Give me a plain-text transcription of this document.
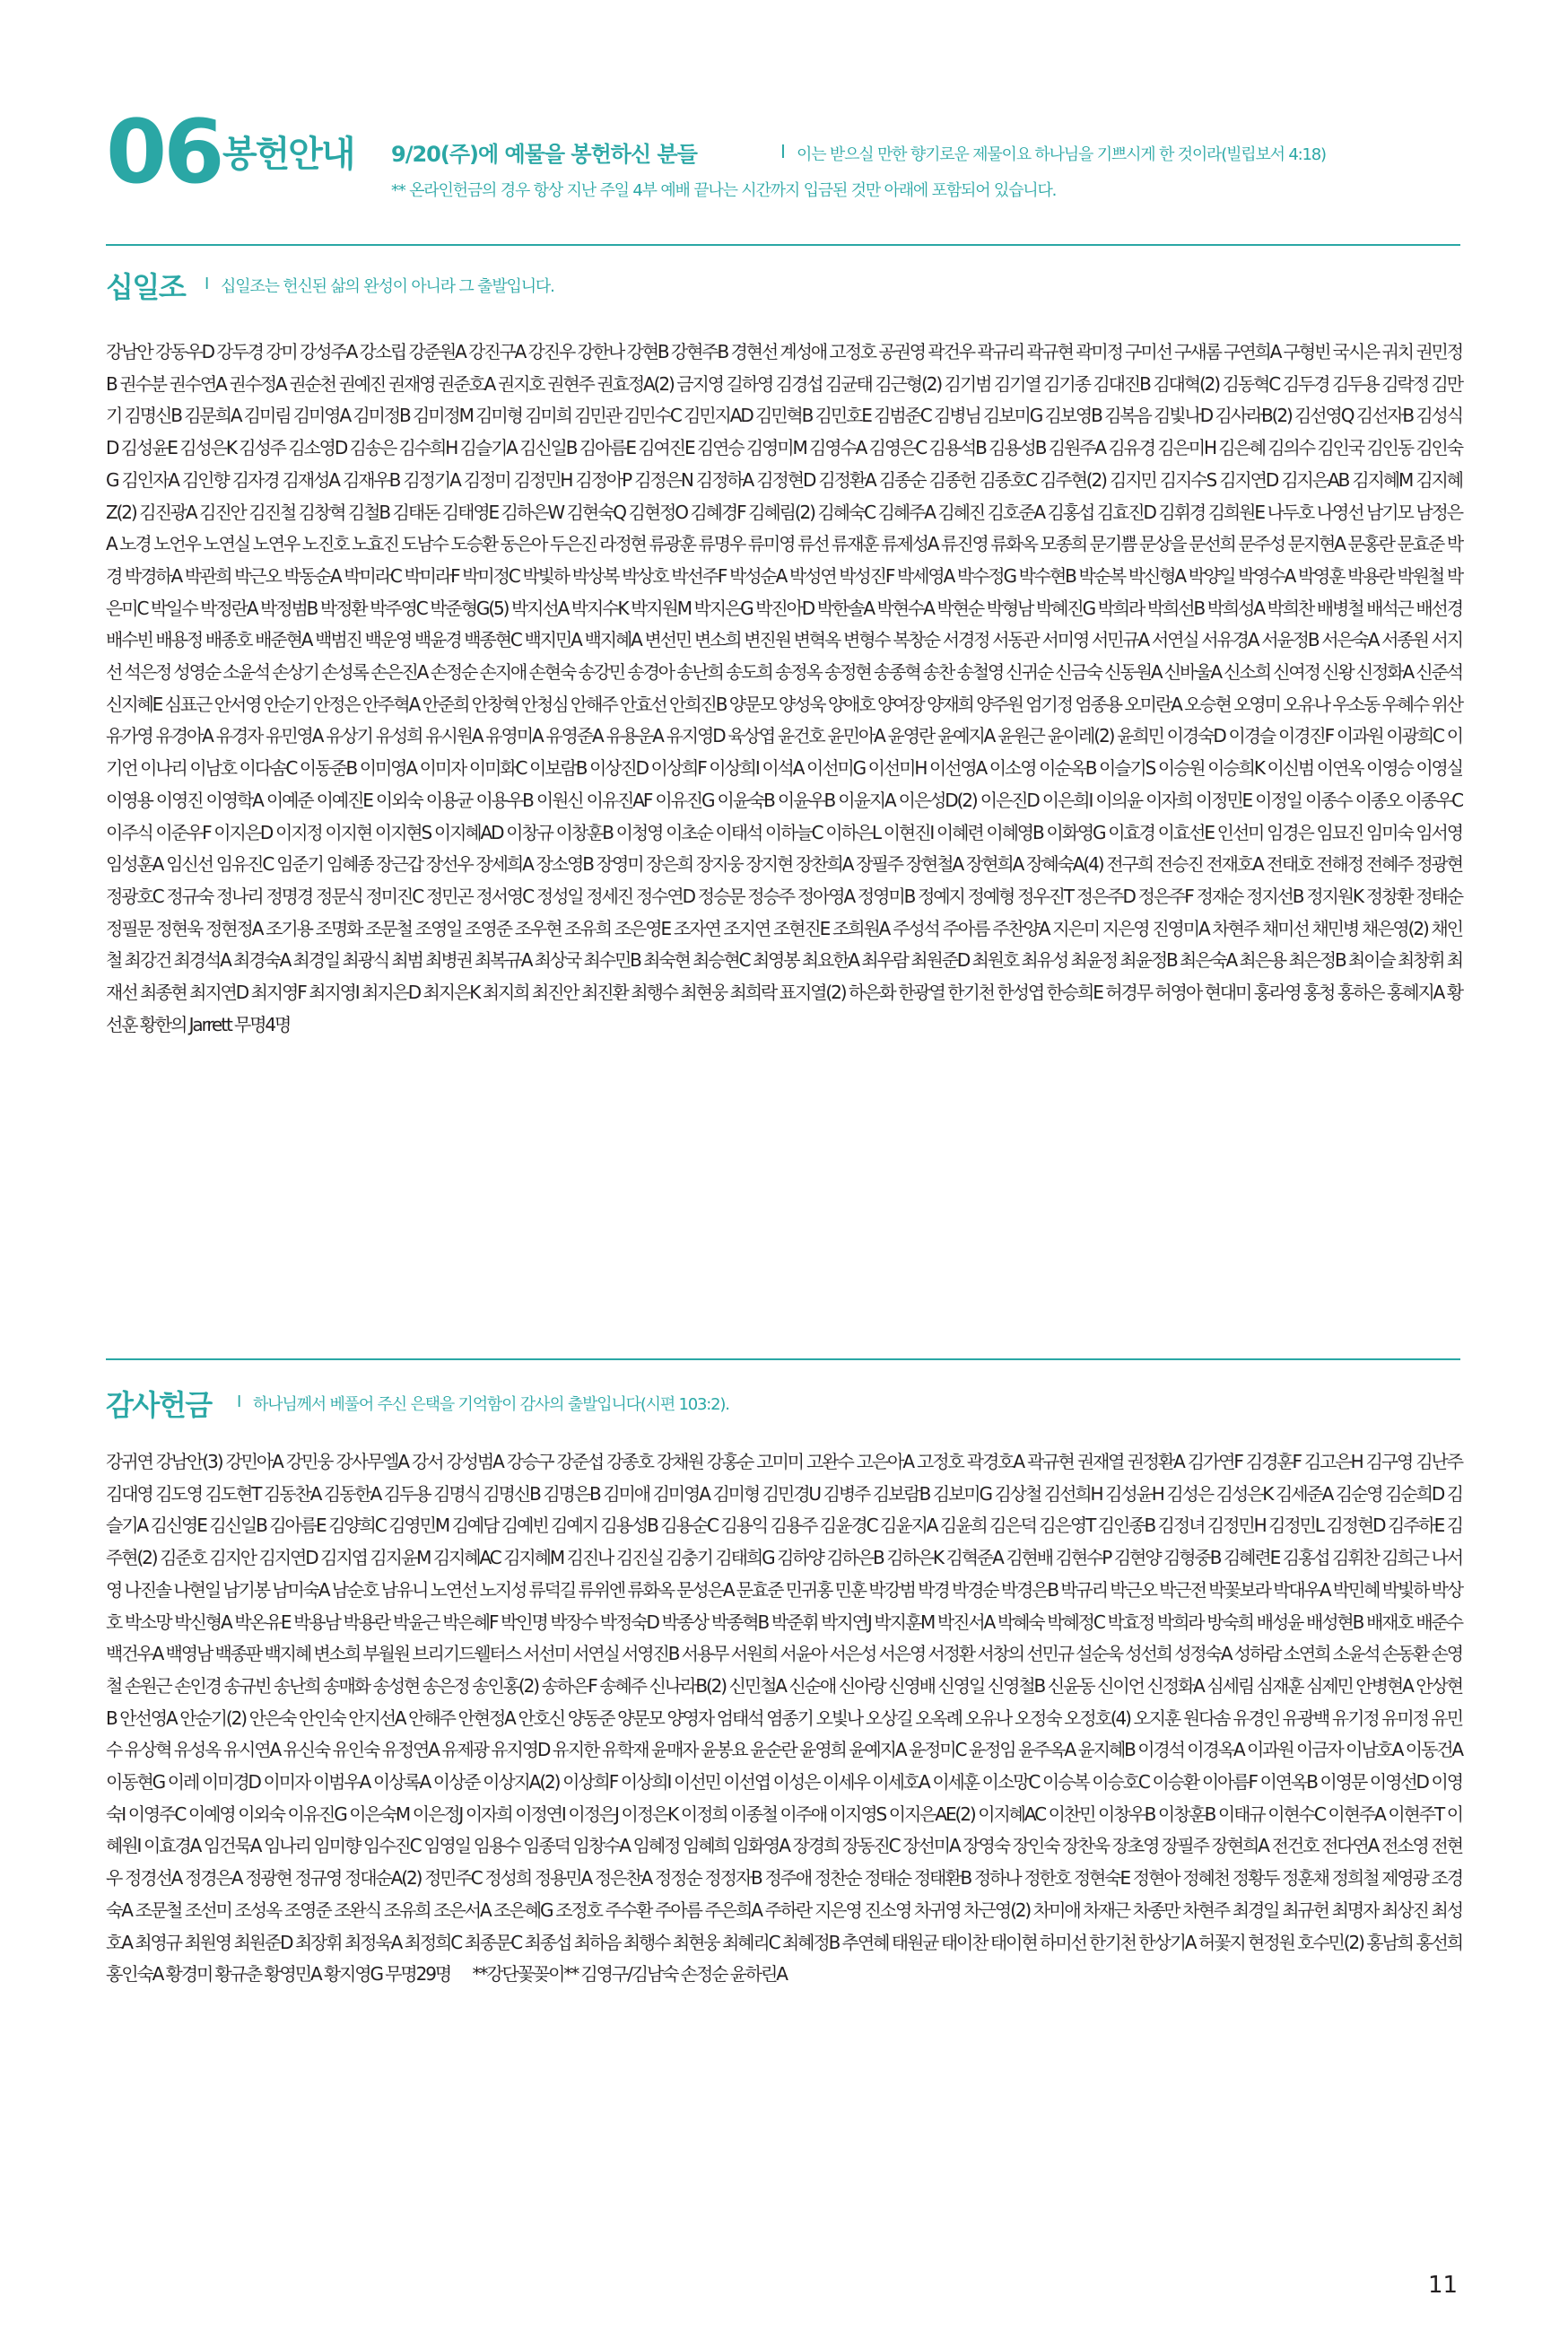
06 봉헌안내 9/20(주)에 예물을 봉헌하신 분들	I 이는 받으실 만한 향기로운 제물이요 하나님을 기쁘시게 한 것이라(빌립보서 4:18)
** 온라인헌금의 경우 항상 지난 주일 4부 예배 끝나는 시간까지 입금된 것만 아래에 포함되어 있습니다.
십일조 I 십일조는 헌신된 삶의 완성이 아니라 그 출발입니다.

강남안 강동우D 강두경 강미 강성주A 강소립 강준원A 강진구A 강진우 강한나 강현B 강현주B 경현선 계성애 고정호 공권영 곽건우 곽규리 곽규현 곽미정 구미선 구새롬 구연희A 구형빈 국시은 궈치 권민정B 권수분 권수연A 권수정A 권순천 권예진 권재영 권준호A 권지호 권현주 권효정A(2) 금지영 길하영 김경섭 김균태 김근형(2) 김기범 김기열 김기종 김대진B 김대혁(2) 김동혁C 김두경 김두용 김락정 김만기 김명신B 김문희A 김미림 김미영A 김미정B 김미정M 김미형 김미희 김민관 김민수C 김민지AD 김민혁B 김민호E 김범준C 김병님 김보미G 김보영B 김복음 김빛나D 김사라B(2) 김선영Q 김선자B 김성식D 김성윤E 김성은K 김성주 김소영D 김송은 김수희H 김슬기A 김신일B 김아름E 김여진E 김연승 김영미M 김영수A 김영은C 김용석B 김용성B 김원주A 김유경 김은미H 김은혜 김의수 김인국 김인동 김인숙G 김인자A 김인향 김자경 김재성A 김재우B 김정기A 김정미 김정민H 김정아P 김정은N 김정하A 김정현D 김정환A 김종순 김종헌 김종호C 김주현(2) 김지민 김지수S 김지연D 김지은AB 김지혜M 김지혜Z(2) 김진광A 김진안 김진철 김창혁 김철B 김태돈 김태영E 김하은W 김현숙Q 김현정O 김혜경F 김혜림(2) 김혜숙C 김혜주A 김혜진 김호준A 김홍섭 김효진D 김휘경 김희원E 나두호 나영선 남기모 남정은A 노경 노언우 노연실 노연우 노진호 노효진 도남수 도승환 동은아 두은진 라정현 류광훈 류명우 류미영 류선 류재훈 류제성A 류진영 류화옥 모종희 문기쁨 문상을 문선희 문주성 문지현A 문홍란 문효준 박경 박경하A 박관희 박근오 박동순A 박미라C 박미라F 박미정C 박빛하 박상복 박상호 박선주F 박성순A 박성연 박성진F 박세영A 박수정G 박수현B 박순복 박신형A 박양일 박영수A 박영훈 박용란 박원철 박은미C 박일수 박정란A 박정범B 박정환 박주영C 박준형G(5) 박지선A 박지수K 박지원M 박지은G 박진아D 박한솔A 박현수A 박현순 박형남 박혜진G 박희라 박희선B 박희성A 박희찬 배병철 배석근 배선경 배수빈 배용정 배종호 배준현A 백범진 백운영 백윤경 백종현C 백지민A 백지혜A 변선민 변소희 변진원 변혁옥 변형수 복창순 서경정 서동관 서미영 서민규A 서연실 서유경A 서윤정B 서은숙A 서종원 서지선 석은정 성영순 소윤석 손상기 손성록 손은진A 손정순 손지애 손현숙 송강민 송경아 송난희 송도희 송정옥 송정현 송종혁 송찬 송철영 신귀순 신금숙 신동원A 신바울A 신소희 신여정 신왕 신정화A 신준석 신지혜E 심표근 안서영 안순기 안정은 안주혁A 안준희 안창혁 안청심 안해주 안효선 안희진B 양문모 양성욱 양애호 양여장 양재희 양주원 엄기정 엄종용 오미란A 오승현 오영미 오유나 우소동 우혜수 위산 유가영 유경아A 유경자 유민영A 유상기 유성희 유시원A 유영미A 유영준A 유용운A 유지영D 육상엽 윤건호 윤민아A 윤영란 윤예지A 윤원근 윤이레(2) 윤희민 이경숙D 이경슬 이경진F 이과원 이광희C 이기언 이나리 이남호 이다솜C 이동준B 이미영A 이미자 이미화C 이보람B 이상진D 이상희F 이상희I 이석A 이선미G 이선미H 이선영A 이소영 이순옥B 이슬기S 이승원 이승희K 이신범 이연옥 이영승 이영실 이영용 이영진 이영학A 이예준 이예진E 이외숙 이용균 이용우B 이원신 이유진AF 이유진G 이윤숙B 이윤우B 이윤지A 이은성D(2) 이은진D 이은희I 이의윤 이자희 이정민E 이정일 이종수 이종오 이종우C 이주식 이준우F 이지은D 이지정 이지현 이지현S 이지혜AD 이창규 이창훈B 이청영 이초순 이태석 이하늘C 이하은L 이현진I 이혜련 이혜영B 이화영G 이효경 이효선E 인선미 임경은 임묘진 임미숙 임서영 임성훈A 임신선 임유진C 임준기 임혜종 장근갑 장선우 장세희A 장소영B 장영미 장은희 장지웅 장지현 장찬희A 장필주 장현철A 장현희A 장혜숙A(4) 전구희 전승진 전재호A 전태호 전해정 전혜주 정광현 정광호C 정규숙 정나리 정명경 정문식 정미진C 정민곤 정서영C 정성일 정세진 정수연D 정승문 정승주 정아영A 정영미B 정예지 정예형 정우진T 정은주D 정은주F 정재순 정지선B 정지원K 정창환 정태순 정필문 정현욱 정현정A 조기용 조명화 조문철 조영일 조영준 조우현 조유희 조은영E 조자연 조지연 조현진E 조희원A 주성석 주아름 주찬양A 지은미 지은영 진영미A 차현주 채미선 채민병 채은영(2) 채인철 최강건 최경석A 최경숙A 최경일 최광식 최범 최병권 최복규A 최상국 최수민B 최숙현 최승현C 최영봉 최요한A 최우람 최원준D 최원호 최유성 최윤정 최윤정B 최은숙A 최은용 최은정B 최이슬 최창휘 최재선 최종현 최지연D 최지영F 최지영I 최지은D 최지은K 최지희 최진안 최진환 최행수 최현웅 최희락 표지열(2) 하은화 한광열 한기천 한성엽 한승희E 허경무 허영아 현대미 홍라영 홍청 홍하은 홍혜지A 황선훈 황한의 Jarrett 무명4명

감사헌금 I 하나님께서 베풀어 주신 은택을 기억함이 감사의 출발입니다(시편 103:2).

강귀연 강남안(3) 강민아A 강민웅 강사무엘A 강서 강성범A 강승구 강준섭 강종호 강채원 강홍순 고미미 고완수 고은아A 고정호 곽경호A 곽규현 권재열 권정환A 김가연F 김경훈F 김고은H 김구영 김난주 김대영 김도영 김도현T 김동찬A 김동한A 김두용 김명식 김명신B 김명은B 김미애 김미영A 김미형 김민경U 김병주 김보람B 김보미G 김상철 김선희H 김성윤H 김성은 김성은K 김세준A 김순영 김순희D 김슬기A 김신영E 김신일B 김아름E 김양희C 김영민M 김예담 김예빈 김예지 김용성B 김용순C 김용익 김용주 김윤경C 김윤지A 김윤희 김은덕 김은영T 김인종B 김정녀 김정민H 김정민L 김정현D 김주하E 김주현(2) 김준호 김지안 김지연D 김지엽 김지윤M 김지혜AC 김지혜M 김진나 김진실 김충기 김태희G 김하양 김하은B 김하은K 김혁준A 김현배 김현수P 김현양 김형중B 김혜련E 김홍섭 김휘찬 김희근 나서영 나진솔 나현일 남기봉 남미숙A 남순호 남유니 노연선 노지성 류덕길 류위엔 류화옥 문성은A 문효준 민귀홍 민훈 박강범 박경 박경순 박경은B 박규리 박근오 박근전 박꽃보라 박대우A 박민혜 박빛하 박상호 박소망 박신형A 박온유E 박용남 박용란 박윤근 박은혜F 박인명 박장수 박정숙D 박종상 박종혁B 박준휘 박지연J 박지훈M 박진서A 박혜숙 박혜정C 박효정 박희라 방숙희 배성윤 배성현B 배재호 배준수 백건우A 백영남 백종판 백지혜 변소희 부월원 브리기드웰터스 서선미 서연실 서영진B 서용무 서원희 서윤아 서은성 서은영 서정환 서창의 선민규 설순욱 성선희 성정숙A 성하람 소연희 소윤석 손동환 손영철 손원근 손인경 송규빈 송난희 송매화 송성현 송은정 송인홍(2) 송하은F 송혜주 신나라B(2) 신민철A 신순애 신아랑 신영배 신영일 신영철B 신윤동 신이언 신정화A 심세림 심재훈 심제민 안병현A 안상현B 안선영A 안순기(2) 안은숙 안인숙 안지선A 안해주 안현정A 안호신 양동준 양문모 양영자 엄태석 염종기 오빛나 오상길 오옥례 오유나 오정숙 오정호(4) 오지훈 원다솜 유경인 유광백 유기정 유미정 유민수 유상혁 유성옥 유시연A 유신숙 유인숙 유정연A 유제광 유지영D 유지한 유학재 윤매자 윤봉요 윤순란 윤영희 윤예지A 윤정미C 윤정임 윤주옥A 윤지혜B 이경석 이경옥A 이과원 이금자 이남호A 이동건A 이동현G 이레 이미경D 이미자 이범우A 이상록A 이상준 이상지A(2) 이상희F 이상희I 이선민 이선엽 이성은 이세우 이세호A 이세훈 이소망C 이승복 이승호C 이승환 이아름F 이연옥B 이영문 이영선D 이영숙I 이영주C 이예영 이외숙 이유진G 이은숙M 이은정J 이자희 이정연I 이정은J 이정은K 이정희 이종철 이주애 이지영S 이지은AE(2) 이지혜AC 이찬민 이창우B 이창훈B 이태규 이현수C 이현주A 이현주T 이혜원I 이효경A 임건묵A 임나리 임미향 임수진C 임영일 임용수 임종덕 임창수A 임혜정 임혜희 임화영A 장경희 장동진C 장선미A 장영숙 장인숙 장찬욱 장초영 장필주 장현희A 전건호 전다연A 전소영 전현우 정경선A 정경은A 정광현 정규영 정대순A(2) 정민주C 정성희 정용민A 정은찬A 정정순 정정자B 정주애 정찬순 정태순 정태환B 정하나 정한호 정현숙E 정현아 정혜천 정황두 정훈채 정희철 제영광 조경숙A 조문철 조선미 조성옥 조영준 조완식 조유희 조은서A 조은혜G 조정호 주수환 주아름 주은희A 주하란 지은영 진소영 차귀영 차근영(2) 차미애 차재근 차종만 차현주 최경일 최규헌 최명자 최상진 최성호A 최영규 최원영 최원준D 최장휘 최정욱A 최정희C 최종문C 최종섭 최하음 최행수 최현웅 최혜리C 최혜정B 추연혜 태원균 태이찬 태이현 하미선 한기천 한상기A 허꽃지 현정원 호수민(2) 홍남희 홍선희 홍인숙A 황경미 황규춘 황영민A 황지영G 무명29명 　 **강단꽃꽂이** 김영구/김남숙 손정순 윤하린A

11
